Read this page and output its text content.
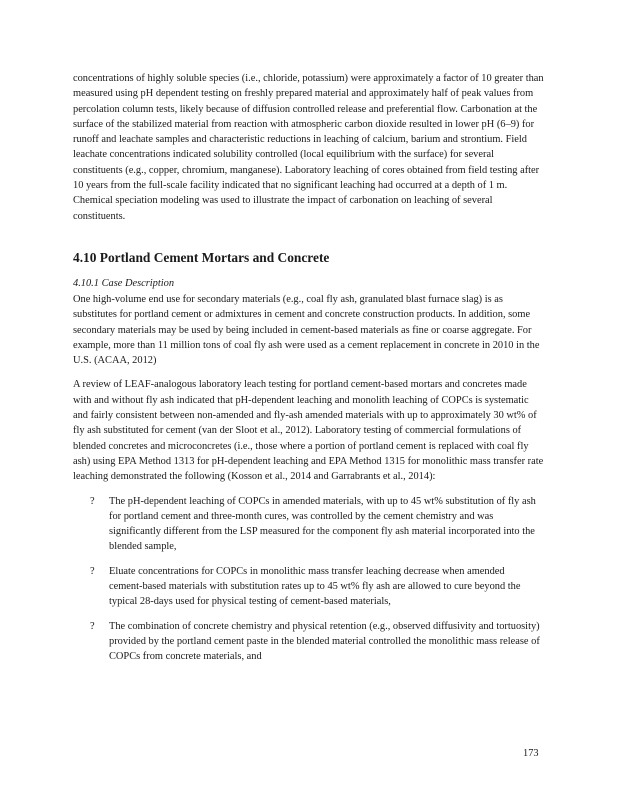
concentrations of highly soluble species (i.e., chloride, potassium) were approximately a factor of 10 greater than measured using pH dependent testing on freshly prepared material and approximately half of peak values from percolation column tests, likely because of diffusion controlled release and preferential flow. Carbonation at the surface of the stabilized material from reaction with atmospheric carbon dioxide resulted in lower pH (6–9) for runoff and leachate samples and characteristic reductions in leaching of calcium, barium and strontium. Field leachate concentrations indicated solubility controlled (local equilibrium with the surface) for several constituents (e.g., copper, chromium, manganese). Laboratory leaching of cores obtained from field testing after 10 years from the full‑scale facility indicated that no significant leaching had occurred at a depth of 1 m. Chemical speciation modeling was used to illustrate the impact of carbonation on leaching of several constituents.

4.10 Portland Cement Mortars and Concrete
4.10.1 Case Description

One high‑volume end use for secondary materials (e.g., coal fly ash, granulated blast furnace slag) is as substitutes for portland cement or admixtures in cement and concrete construction products. In addition, some secondary materials may be used by being included in cement‑based materials as fine or coarse aggregate. For example, more than 11 million tons of coal fly ash were used as a cement replacement in concrete in 2010 in the U.S. (ACAA, 2012)

A review of LEAF‑analogous laboratory leach testing for portland cement‑based mortars and concretes made with and without fly ash indicated that pH‑dependent leaching and monolith leaching of COPCs is systematic and fairly consistent between non‑amended and fly‑ash amended materials with up to approximately 30 wt% of fly ash substituted for cement (van der Sloot et al., 2012). Laboratory testing of commercial formulations of blended concretes and microconcretes (i.e., those where a portion of portland cement is replaced with coal fly ash) using EPA Method 1313 for pH‑dependent leaching and EPA Method 1315 for monolithic mass transfer rate leaching demonstrated the following (Kosson et al., 2014 and Garrabrants et al., 2014):

? The pH‑dependent leaching of COPCs in amended materials, with up to 45 wt% substitution of fly ash for portland cement and three‑month cures, was controlled by the cement chemistry and was significantly different from the LSP measured for the component fly ash material incorporated into the blended sample,

? Eluate concentrations for COPCs in monolithic mass transfer leaching decrease when amended cement‑based materials with substitution rates up to 45 wt% fly ash are allowed to cure beyond the typical 28‑days used for physical testing of cement‑based materials,

? The combination of concrete chemistry and physical retention (e.g., observed diffusivity and tortuosity) provided by the portland cement paste in the blended material controlled the monolithic mass release of COPCs from concrete materials, and

173
